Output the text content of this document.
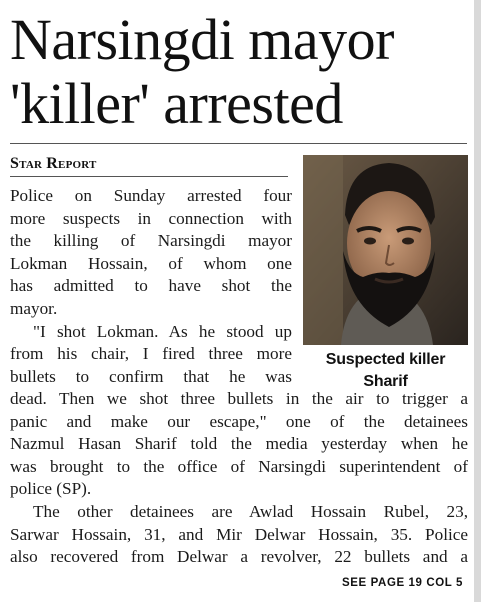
Narsingdi mayor
'killer' arrested
Star Report
Suspected killer
Sharif
Police on Sunday arrested four
more suspects in connection with
the killing of Narsingdi mayor
Lokman Hossain, of whom one
has admitted to have shot the
mayor.
"I shot Lokman. As he stood up
from his chair, I fired three more
bullets to confirm that he was
dead. Then we shot three bullets in the air to trigger a
panic and make our escape," one of the detainees
Nazmul Hasan Sharif told the media yesterday when he
was brought to the office of Narsingdi superintendent of
police (SP).
The other detainees are Awlad Hossain Rubel, 23,
Sarwar Hossain, 31, and Mir Delwar Hossain, 35. Police
also recovered from Delwar a revolver, 22 bullets and a
SEE PAGE 19 COL 5
